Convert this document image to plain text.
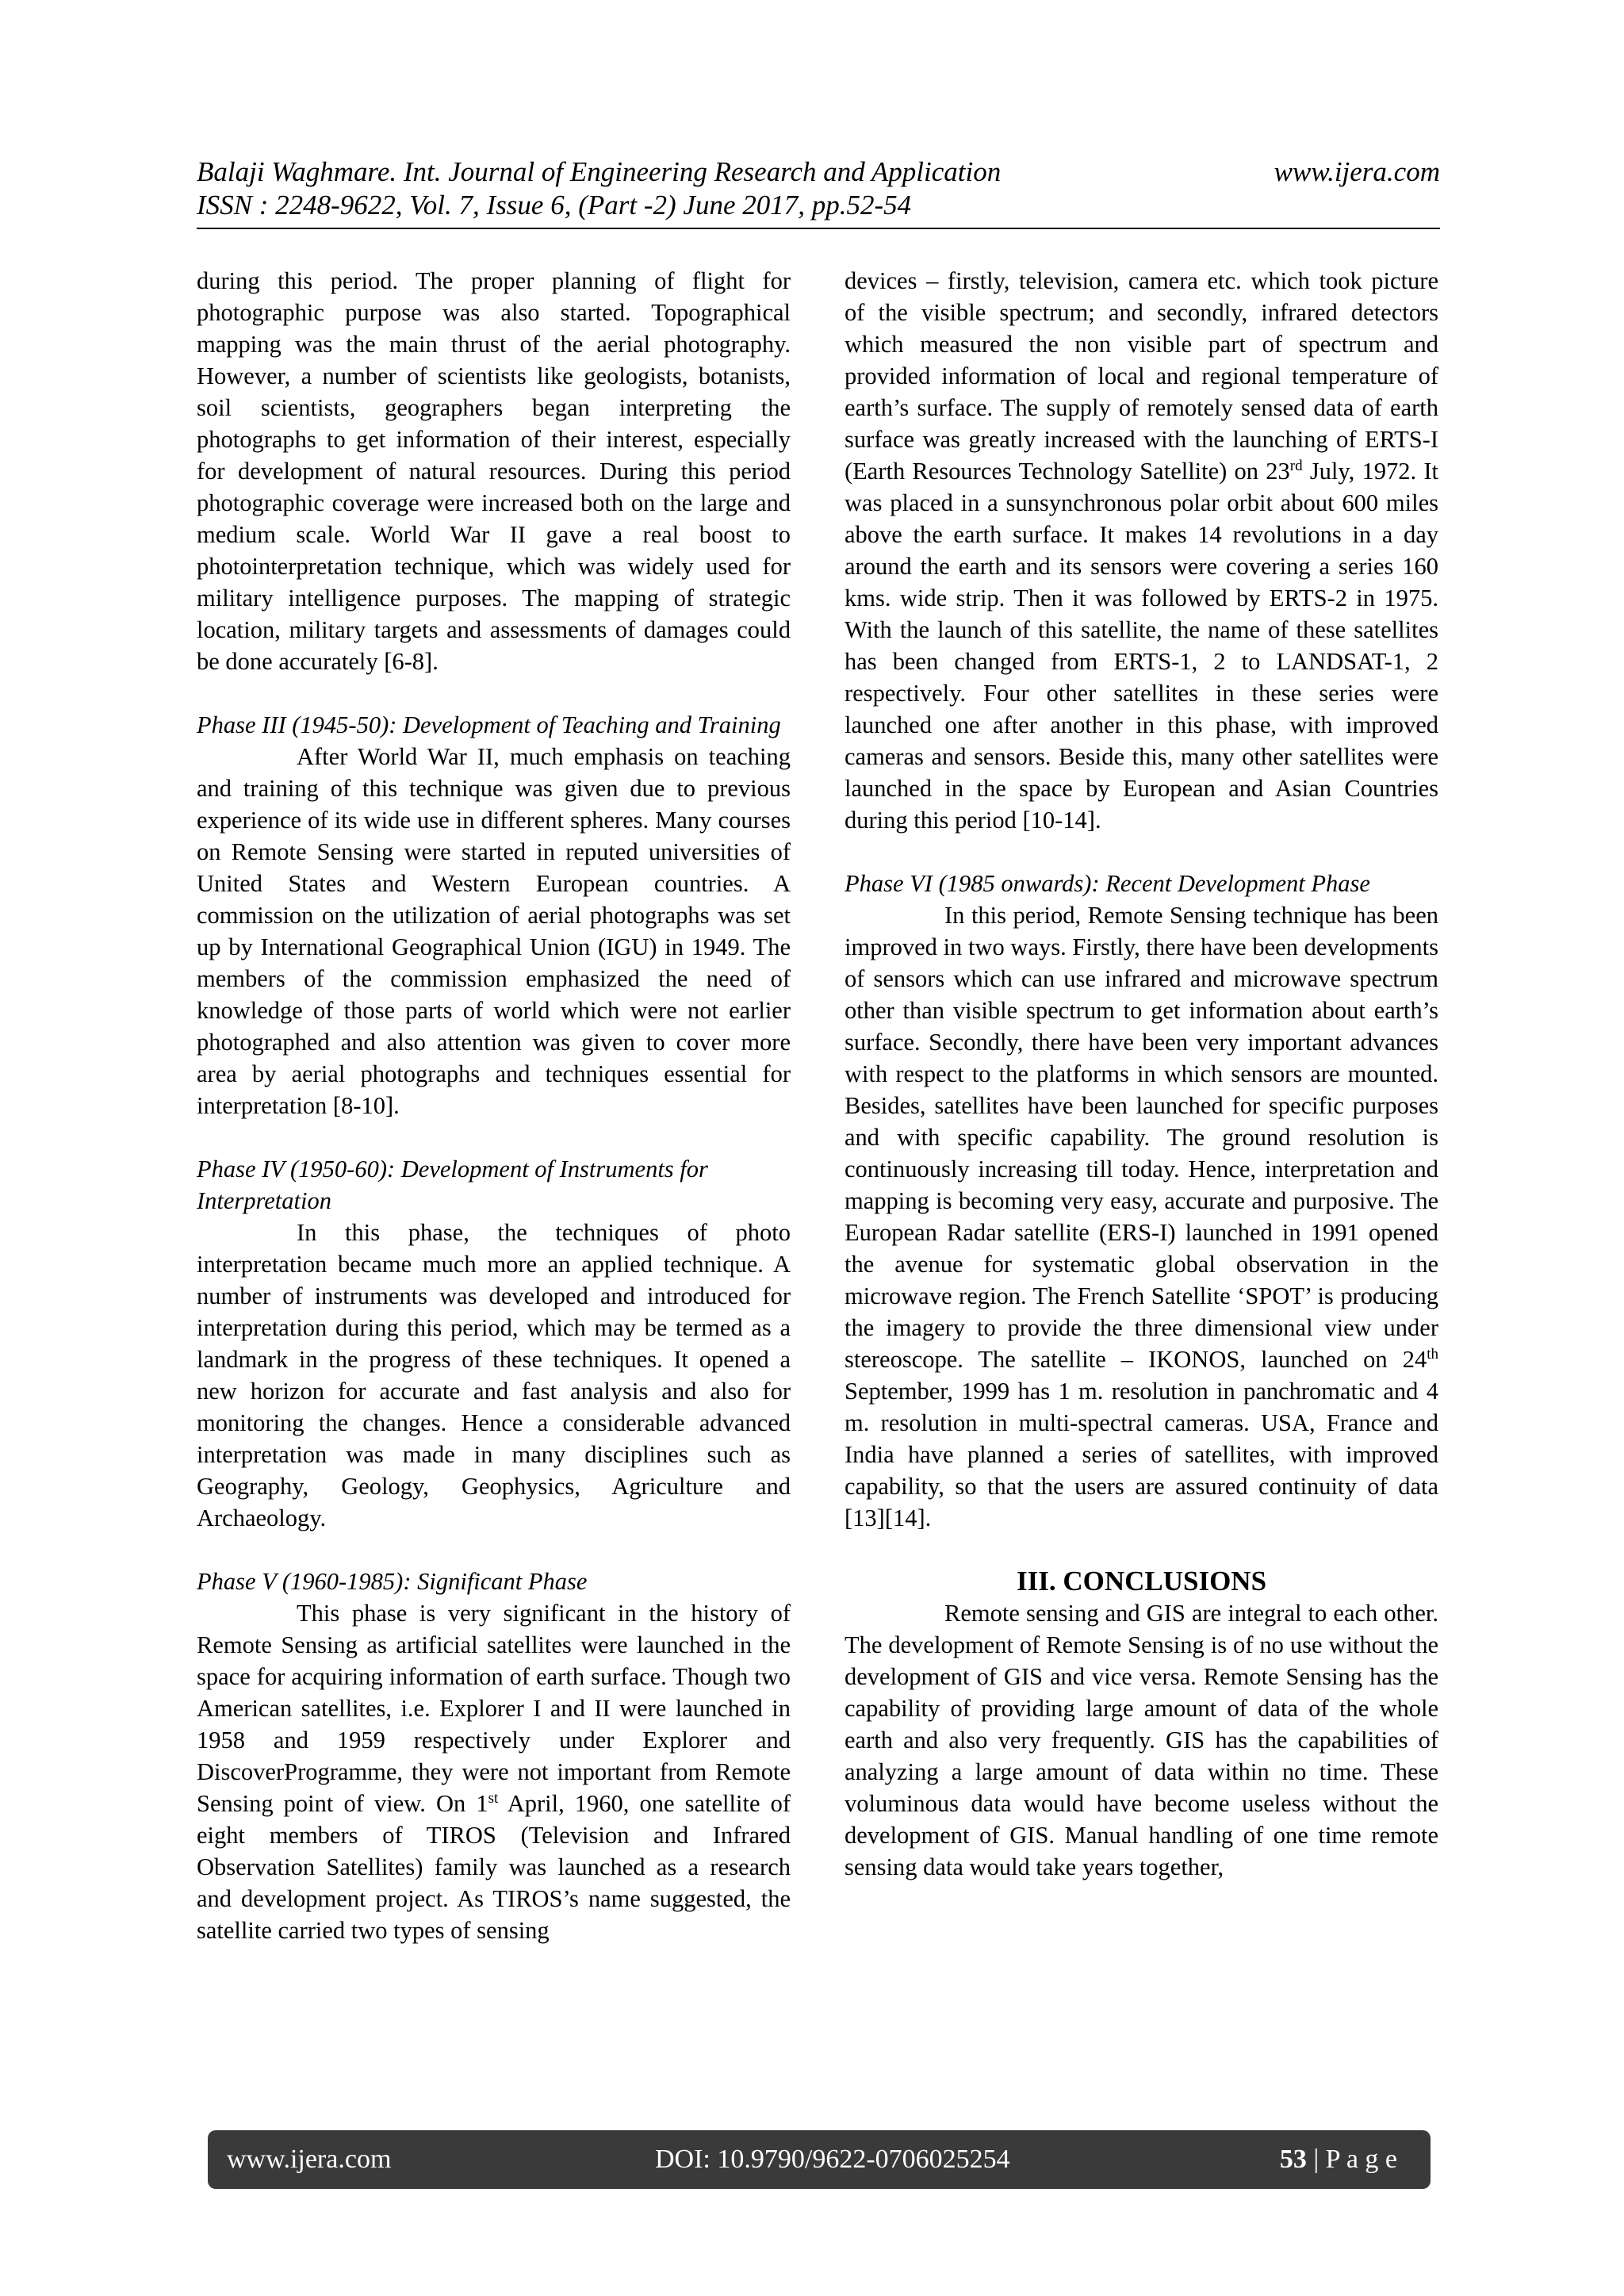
Balaji Waghmare. Int. Journal of Engineering Research and Application	www.ijera.com
ISSN : 2248-9622, Vol. 7, Issue 6, (Part -2) June 2017, pp.52-54

during this period. The proper planning of flight for photographic purpose was also started. Topographical mapping was the main thrust of the aerial photography. However, a number of scientists like geologists, botanists, soil scientists, geographers began interpreting the photographs to get information of their interest, especially for development of natural resources. During this period photographic coverage were increased both on the large and medium scale. World War II gave a real boost to photointerpretation technique, which was widely used for military intelligence purposes. The mapping of strategic location, military targets and assessments of damages could be done accurately [6-8].

Phase III (1945-50): Development of Teaching and Training

After World War II, much emphasis on teaching and training of this technique was given due to previous experience of its wide use in different spheres. Many courses on Remote Sensing were started in reputed universities of United States and Western European countries. A commission on the utilization of aerial photographs was set up by International Geographical Union (IGU) in 1949. The members of the commission emphasized the need of knowledge of those parts of world which were not earlier photographed and also attention was given to cover more area by aerial photographs and techniques essential for interpretation [8-10].

Phase IV (1950-60): Development of Instruments for Interpretation

In this phase, the techniques of photo interpretation became much more an applied technique. A number of instruments was developed and introduced for interpretation during this period, which may be termed as a landmark in the progress of these techniques. It opened a new horizon for accurate and fast analysis and also for monitoring the changes. Hence a considerable advanced interpretation was made in many disciplines such as Geography, Geology, Geophysics, Agriculture and Archaeology.

Phase V (1960-1985): Significant Phase

This phase is very significant in the history of Remote Sensing as artificial satellites were launched in the space for acquiring information of earth surface. Though two American satellites, i.e. Explorer I and II were launched in 1958 and 1959 respectively under Explorer and DiscoverProgramme, they were not important from Remote Sensing point of view. On 1st April, 1960, one satellite of eight members of TIROS (Television and Infrared Observation Satellites) family was launched as a research and development project. As TIROS’s name suggested, the satellite carried two types of sensing

devices – firstly, television, camera etc. which took picture of the visible spectrum; and secondly, infrared detectors which measured the non visible part of spectrum and provided information of local and regional temperature of earth’s surface. The supply of remotely sensed data of earth surface was greatly increased with the launching of ERTS-I (Earth Resources Technology Satellite) on 23rd July, 1972. It was placed in a sunsynchronous polar orbit about 600 miles above the earth surface. It makes 14 revolutions in a day around the earth and its sensors were covering a series 160 kms. wide strip. Then it was followed by ERTS-2 in 1975. With the launch of this satellite, the name of these satellites has been changed from ERTS-1, 2 to LANDSAT-1, 2 respectively. Four other satellites in these series were launched one after another in this phase, with improved cameras and sensors. Beside this, many other satellites were launched in the space by European and Asian Countries during this period [10-14].

Phase VI (1985 onwards): Recent Development Phase

In this period, Remote Sensing technique has been improved in two ways. Firstly, there have been developments of sensors which can use infrared and microwave spectrum other than visible spectrum to get information about earth’s surface. Secondly, there have been very important advances with respect to the platforms in which sensors are mounted. Besides, satellites have been launched for specific purposes and with specific capability. The ground resolution is continuously increasing till today. Hence, interpretation and mapping is becoming very easy, accurate and purposive. The European Radar satellite (ERS-I) launched in 1991 opened the avenue for systematic global observation in the microwave region. The French Satellite ‘SPOT’ is producing the imagery to provide the three dimensional view under stereoscope. The satellite – IKONOS, launched on 24th September, 1999 has 1 m. resolution in panchromatic and 4 m. resolution in multi-spectral cameras. USA, France and India have planned a series of satellites, with improved capability, so that the users are assured continuity of data [13][14].

III. CONCLUSIONS

Remote sensing and GIS are integral to each other. The development of Remote Sensing is of no use without the development of GIS and vice versa. Remote Sensing has the capability of providing large amount of data of the whole earth and also very frequently. GIS has the capabilities of analyzing a large amount of data within no time. These voluminous data would have become useless without the development of GIS. Manual handling of one time remote sensing data would take years together,

www.ijera.com	DOI: 10.9790/9622-0706025254	53 | P a g e
